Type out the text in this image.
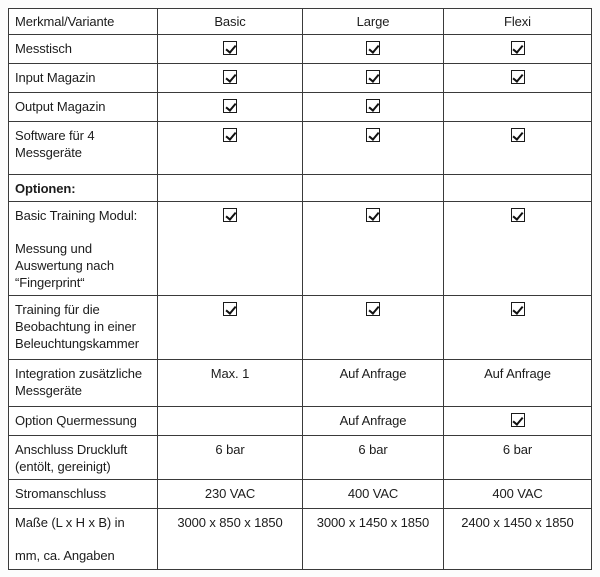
Merkmal/Variante	Basic	Large	Flexi

Messtisch			

Input Magazin			

Output Magazin			

Software für 4 Messgeräte			

Optionen:			

Basic Training Modul:
Messung und Auswertung nach “Fingerprint“			

Training für die Beobachtung in einer Beleuchtungskammer			

Integration zusätzliche Messgeräte	Max. 1	Auf Anfrage	Auf Anfrage

Option Quermessung		Auf Anfrage	

Anschluss Druckluft (entölt, gereinigt)	6 bar	6 bar	6 bar

Stromanschluss	230 VAC	400 VAC	400 VAC

Maße (L x H x B) in
mm, ca. Angaben	3000 x 850 x 1850	3000 x 1450 x 1850	2400 x 1450 x 1850
